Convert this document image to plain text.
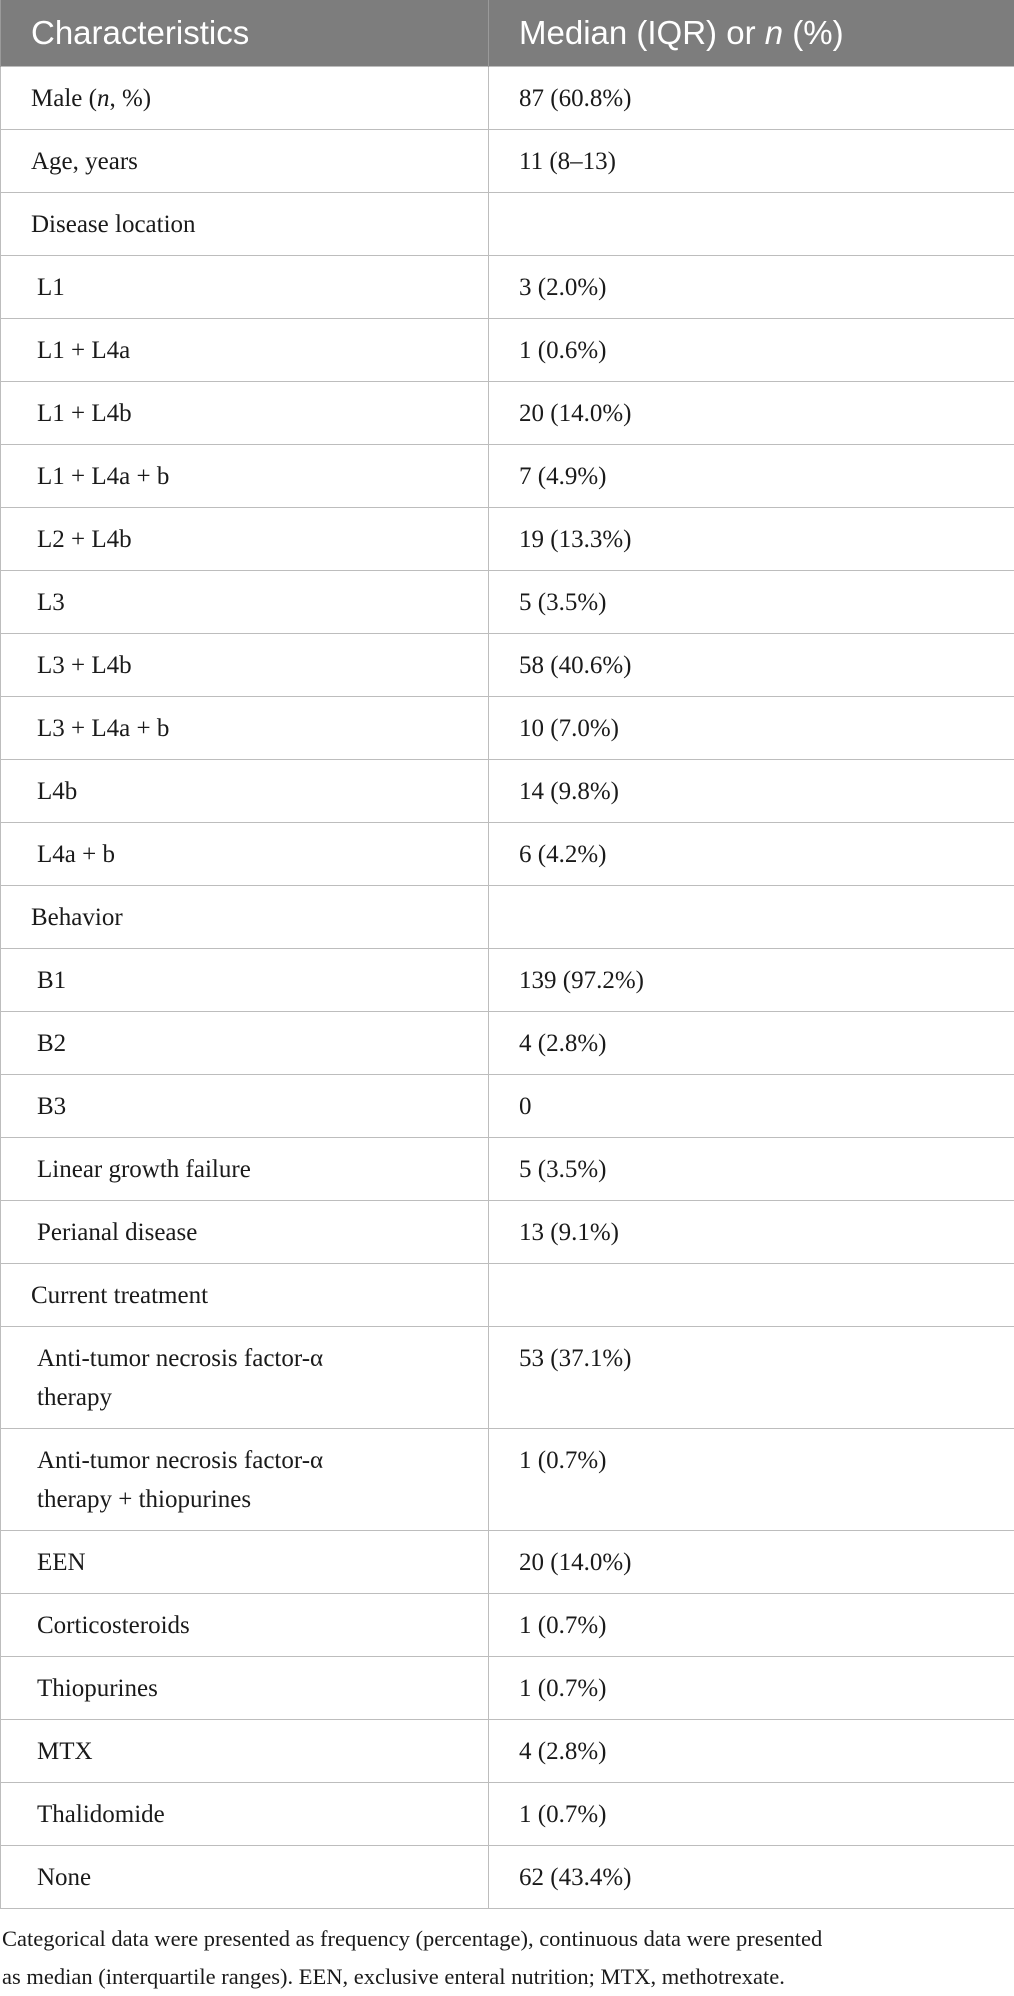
Characteristics	Median (IQR) or n (%)
Male (n, %)	87 (60.8%)
Age, years	11 (8–13)
Disease location	
L1	3 (2.0%)
L1 + L4a	1 (0.6%)
L1 + L4b	20 (14.0%)
L1 + L4a + b	7 (4.9%)
L2 + L4b	19 (13.3%)
L3	5 (3.5%)
L3 + L4b	58 (40.6%)
L3 + L4a + b	10 (7.0%)
L4b	14 (9.8%)
L4a + b	6 (4.2%)
Behavior	
B1	139 (97.2%)
B2	4 (2.8%)
B3	0
Linear growth failure	5 (3.5%)
Perianal disease	13 (9.1%)
Current treatment	
Anti-tumor necrosis factor-α
therapy	53 (37.1%)
Anti-tumor necrosis factor-α
therapy + thiopurines	1 (0.7%)
EEN	20 (14.0%)
Corticosteroids	1 (0.7%)
Thiopurines	1 (0.7%)
MTX	4 (2.8%)
Thalidomide	1 (0.7%)
None	62 (43.4%)
Categorical data were presented as frequency (percentage), continuous data were presented
as median (interquartile ranges). EEN, exclusive enteral nutrition; MTX, methotrexate.
